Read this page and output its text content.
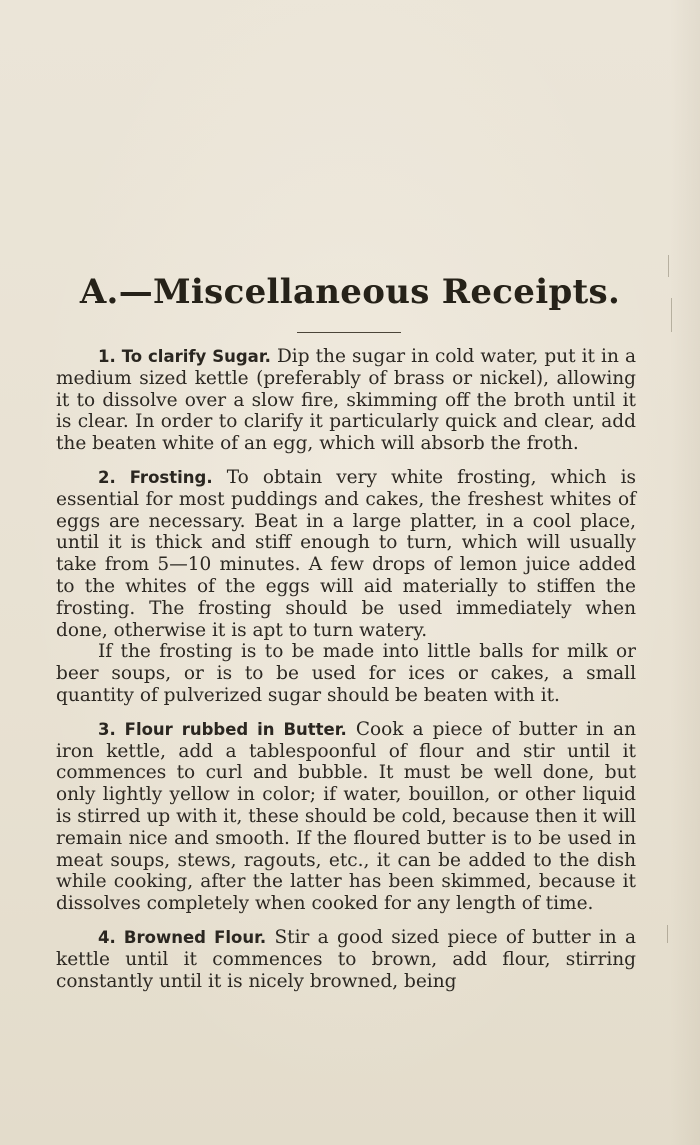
A.—Miscellaneous Receipts.

1. To clarify Sugar. Dip the sugar in cold water, put it in a medium sized kettle (preferably of brass or nickel), allowing it to dissolve over a slow fire, skimming off the broth until it is clear. In order to clarify it particularly quick and clear, add the beaten white of an egg, which will absorb the froth.

2. Frosting. To obtain very white frosting, which is essential for most puddings and cakes, the freshest whites of eggs are necessary. Beat in a large platter, in a cool place, until it is thick and stiff enough to turn, which will usually take from 5—10 minutes. A few drops of lemon juice added to the whites of the eggs will aid materially to stiffen the frosting. The frosting should be used immediately when done, otherwise it is apt to turn watery.

If the frosting is to be made into little balls for milk or beer soups, or is to be used for ices or cakes, a small quantity of pulverized sugar should be beaten with it.

3. Flour rubbed in Butter. Cook a piece of butter in an iron kettle, add a tablespoonful of flour and stir until it commences to curl and bubble. It must be well done, but only lightly yellow in color; if water, bouillon, or other liquid is stirred up with it, these should be cold, because then it will remain nice and smooth. If the floured butter is to be used in meat soups, stews, ragouts, etc., it can be added to the dish while cooking, after the latter has been skimmed, because it dissolves completely when cooked for any length of time.

4. Browned Flour. Stir a good sized piece of butter in a kettle until it commences to brown, add flour, stirring constantly until it is nicely browned, being
